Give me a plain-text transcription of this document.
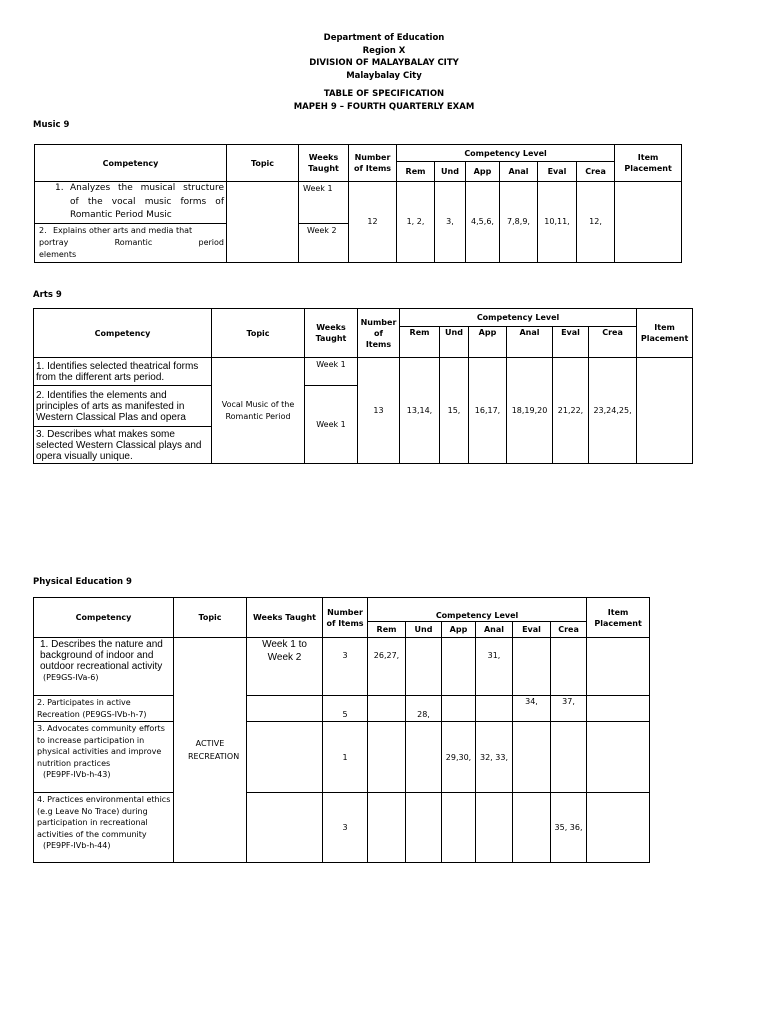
Department of Education
Region X
DIVISION OF MALAYBALAY CITY
Malaybalay City
TABLE OF SPECIFICATION
MAPEH 9 – FOURTH QUARTERLY EXAM
Music 9
Competency	Topic	Weeks Taught	Number of Items	Competency Level						Item Placement
				Rem	Und	App	Anal	Eval	Crea	

1. Analyzes the musical structure
of the vocal music forms of
Romantic Period Music		Week 1	12	1, 2,	3,	4,5,6,	7,8,9,	10,11,	12,	

2. Explains other arts and media that
portray Romantic period
elements		Week 2								
Arts 9
Competency	Topic	Weeks Taught	Number of Items	Competency Level						Item Placement
				Rem	Und	App	Anal	Eval	Crea	
1. Identifies selected theatrical forms from the different arts period.	Vocal Music of the Romantic Period	Week 1	13	13,14,	15,	16,17,	18,19,20	21,22,	23,24,25,	
2. Identifies the elements and principles of arts as manifested in Western Classical Plas and opera		Week 1								
3. Describes what makes some selected Western Classical plays and opera visually unique.										
Physical Education 9
Competency	Topic	Weeks Taught	Number of Items	Competency Level						Item Placement
				Rem	Und	App	Anal	Eval	Crea	

1. Describes the nature and background of indoor and outdoor recreational activity
(PE9GS-IVa-6)	ACTIVE RECREATION	Week 1 to Week 2	3	26,27,			31,			
2. Participates in active Recreation (PE9GS-IVb-h-7)			5		28,			34,	37,	

3. Advocates community efforts to increase participation in physical activities and improve nutrition practices
(PE9PF-IVb-h-43)			1			29,30,	32, 33,			

4. Practices environmental ethics (e.g Leave No Trace) during participation in recreational activities of the community
(PE9PF-IVb-h-44)			3						35, 36,	
